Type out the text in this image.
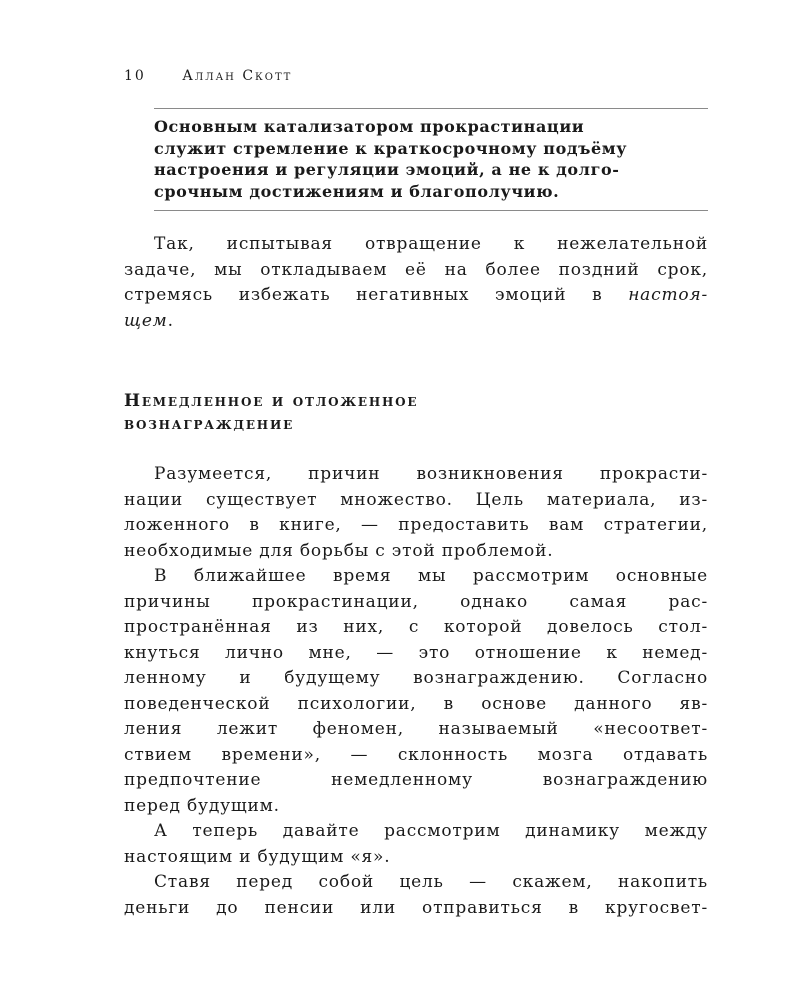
10	Аллан Скотт

Основным катализатором прокрастинации

служит стремление к краткосрочному подъёму

настроения и регуляции эмоций, а не к долго-

срочным достижениям и благополучию.

Так, испытывая отвращение к нежелательной
задаче, мы откладываем её на более поздний срок,
стремясь избежать негативных эмоций в настоя-
щем.
Немедленное и отложенное
вознаграждение
Разумеется, причин возникновения прокрасти-
нации существует множество. Цель материала, из-
ложенного в книге, — предоставить вам стратегии,
необходимые для борьбы с этой проблемой.
В ближайшее время мы рассмотрим основные
причины прокрастинации, однако самая рас-
пространённая из них, с которой довелось стол-
кнуться лично мне, — это отношение к немед-
ленному и будущему вознаграждению. Согласно
поведенческой психологии, в основе данного яв-
ления лежит феномен, называемый «несоответ-
ствием времени», — склонность мозга отдавать
предпочтение немедленному вознаграждению
перед будущим.
А теперь давайте рассмотрим динамику между
настоящим и будущим «я».
Ставя перед собой цель — скажем, накопить
деньги до пенсии или отправиться в кругосвет-
